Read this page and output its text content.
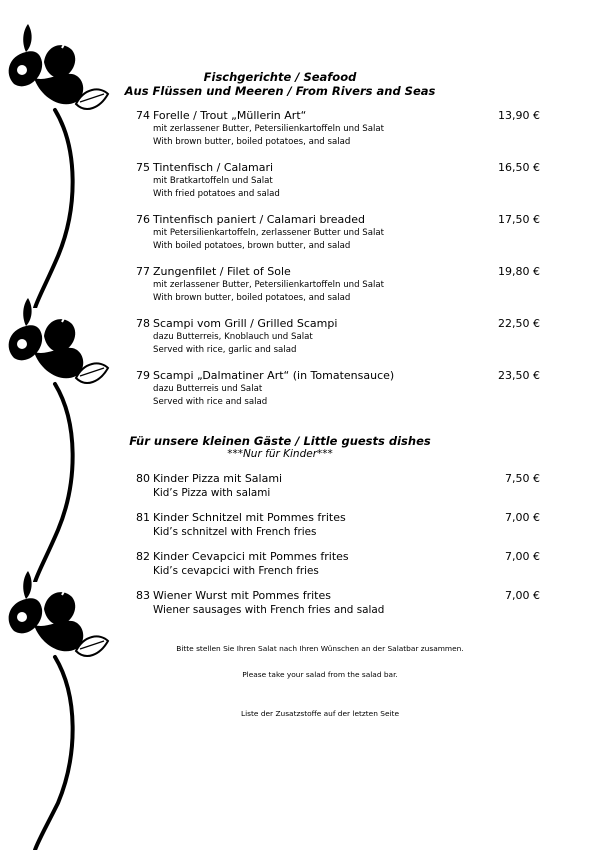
Fischgerichte / Seafood
Aus Flüssen und Meeren / From Rivers and Seas
74 Forelle / Trout „Müllerin Art“	13,90 €
mit zerlassener Butter, Petersilienkartoffeln und Salat
With brown butter, boiled potatoes, and salad
75 Tintenfisch / Calamari	16,50 €
mit Bratkartoffeln und Salat
With fried potatoes and salad
76 Tintenfisch paniert / Calamari breaded	17,50 €
mit Petersilienkartoffeln, zerlassener Butter und Salat
With boiled potatoes, brown butter, and salad
77 Zungenfilet / Filet of Sole	19,80 €
mit zerlassener Butter, Petersilienkartoffeln und Salat
With brown butter, boiled potatoes, and salad
78 Scampi vom Grill / Grilled Scampi	22,50 €
dazu Butterreis, Knoblauch und Salat
Served with rice, garlic and salad
79 Scampi „Dalmatiner Art“ (in Tomatensauce)	23,50 €
dazu Butterreis und Salat
Served with rice and salad
Für unsere kleinen Gäste / Little guests dishes
***Nur für Kinder***
80 Kinder Pizza mit Salami	7,50 €
Kid’s Pizza with salami
81 Kinder Schnitzel mit Pommes frites	7,00 €
Kid’s schnitzel with French fries
82 Kinder Cevapcici mit Pommes frites	7,00 €
Kid’s cevapcici with French fries
83 Wiener Wurst mit Pommes frites	7,00 €
Wiener sausages with French fries and salad
Bitte stellen Sie Ihren Salat nach Ihren Wünschen an der Salatbar zusammen.
Please take your salad from the salad bar.
Liste der Zusatzstoffe auf der letzten Seite
